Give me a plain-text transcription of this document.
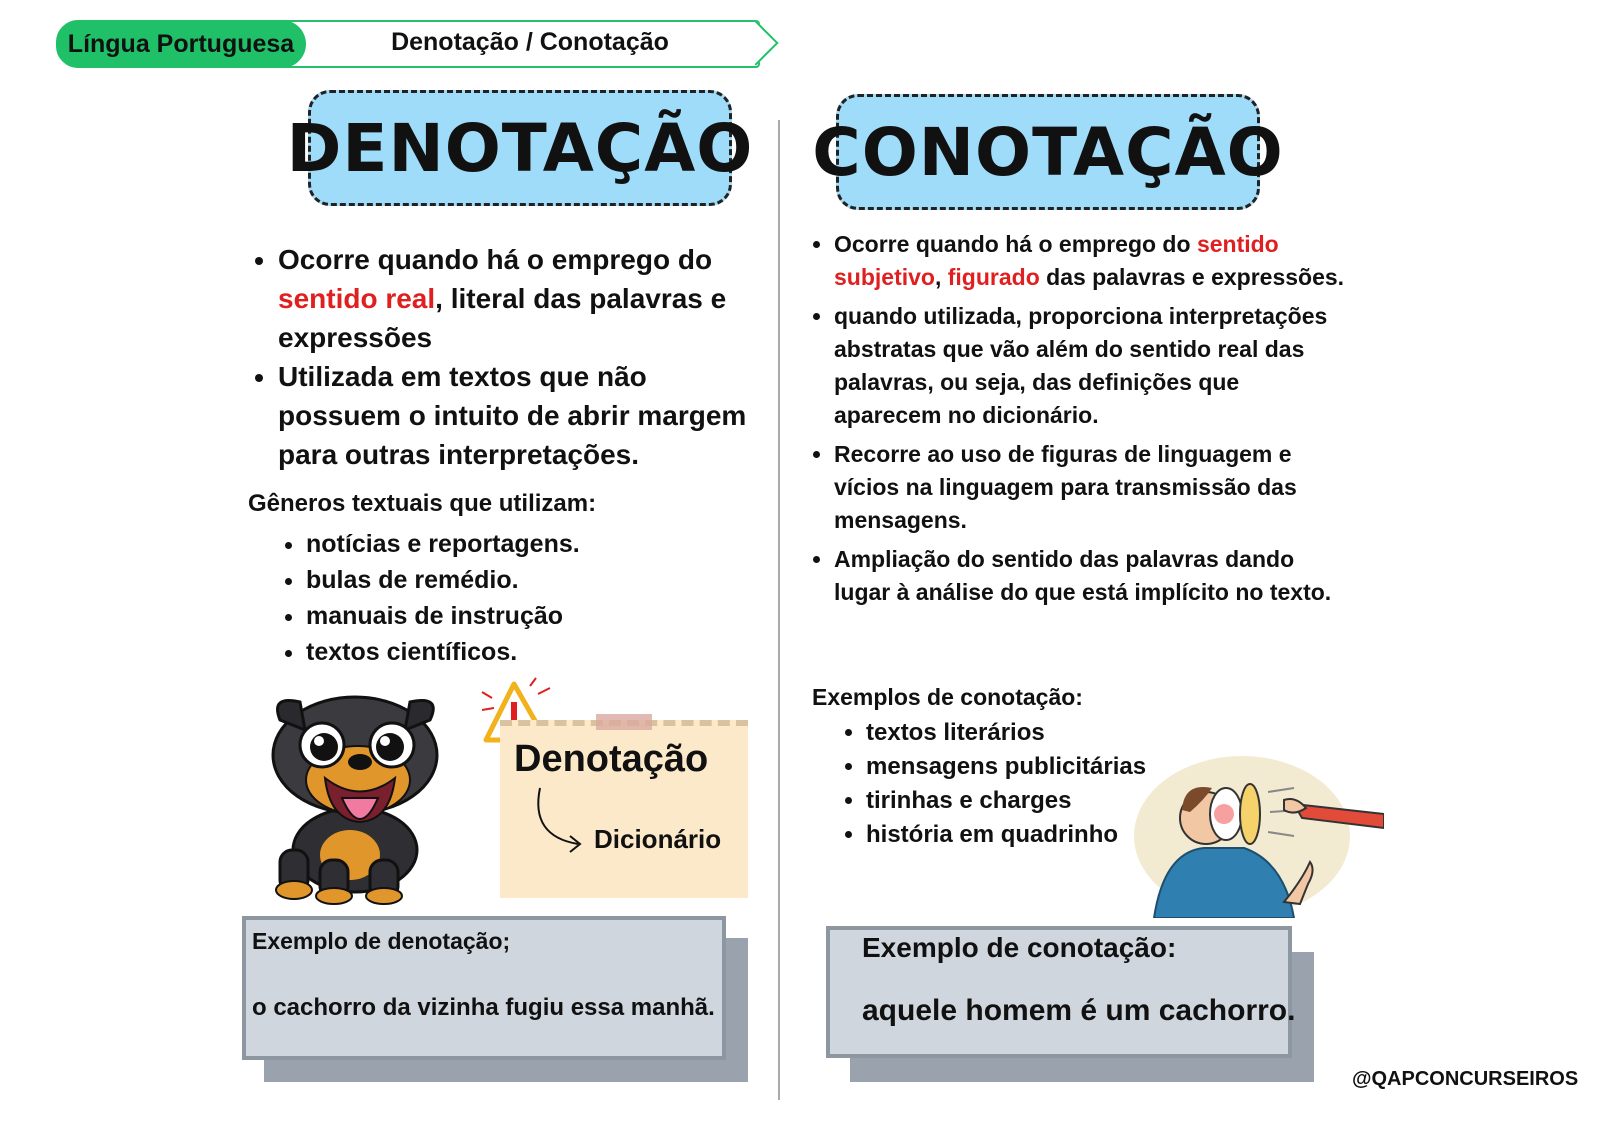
Língua Portuguesa	Denotação / Conotação
DENOTAÇÃO
• Ocorre quando há o emprego do sentido real, literal das palavras e expressões
• Utilizada em textos que não possuem o intuito de abrir margem para outras interpretações.
Gêneros textuais que utilizam:
• notícias e reportagens.
• bulas de remédio.
• manuais de instrução
• textos científicos.
Denotação
Dicionário
Exemplo de denotação;
o cachorro da vizinha fugiu essa manhã.
CONOTAÇÃO
• Ocorre quando há o emprego do sentido subjetivo, figurado das palavras e expressões.
• quando utilizada, proporciona interpretações abstratas que vão além do sentido real das palavras, ou seja, das definições que aparecem no dicionário.
• Recorre ao uso de figuras de linguagem e vícios na linguagem para transmissão das mensagens.
• Ampliação do sentido das palavras dando lugar à análise do que está implícito no texto.
Exemplos de conotação:
• textos literários
• mensagens publicitárias
• tirinhas e charges
• história em quadrinho
Exemplo de conotação:
aquele homem é um cachorro.
@QAPCONCURSEIROS
